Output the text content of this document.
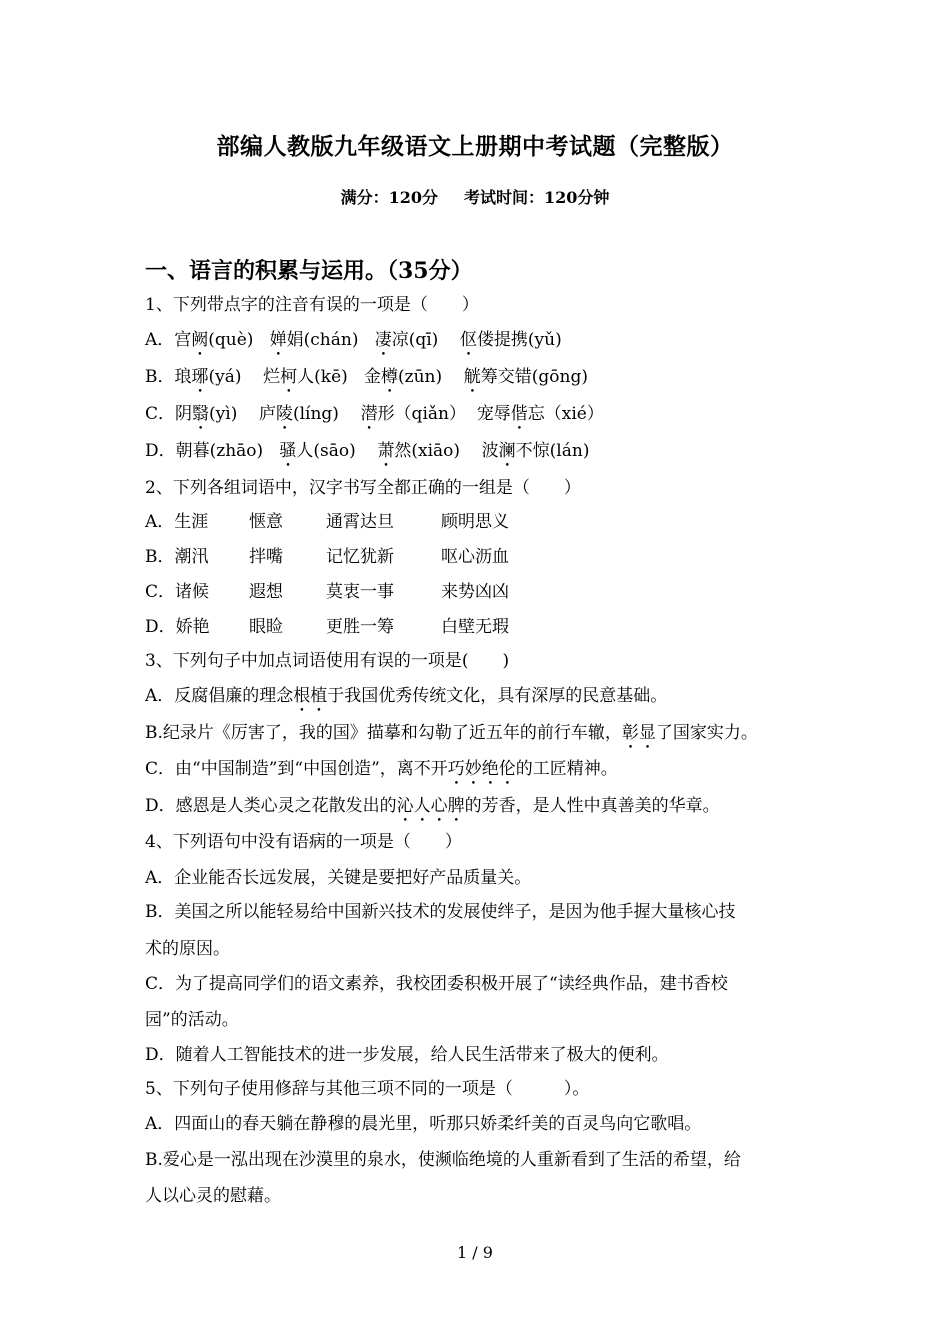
部编人教版九年级语文上册期中考试题（完整版）
满分：120分 考试时间：120分钟
一、语言的积累与运用。（35分）
1、下列带点字的注音有误的一项是（　　）
A．宫阙(què) 婵娟(chán) 凄凉(qī) 伛偻提携(yǔ)
B．琅琊(yá) 烂柯人(kē) 金樽(zūn) 觥筹交错(gōng)
C．阴翳(yì) 庐陵(líng) 潜形（qiǎn） 宠辱偕忘（xié）
D．朝暮(zhāo) 骚人(sāo) 萧然(xiāo) 波澜不惊(lán)
2、下列各组词语中，汉字书写全都正确的一组是（　　）
A．生涯 惬意	通霄达旦	顾明思义
B．潮汛 拌嘴	记忆犹新	呕心沥血
C．诸候 遐想	莫衷一事	来势凶凶
D．娇艳 眼睑	更胜一筹	白壁无瑕
3、下列句子中加点词语使用有误的一项是(　　)
A．反腐倡廉的理念根植于我国优秀传统文化，具有深厚的民意基础。
B.纪录片《厉害了，我的国》描摹和勾勒了近五年的前行车辙，彰显了国家实力。
C．由“中国制造”到“中国创造”，离不开巧妙绝伦的工匠精神。
D．感恩是人类心灵之花散发出的沁人心脾的芳香，是人性中真善美的华章。
4、下列语句中没有语病的一项是（　　）
A．企业能否长远发展，关键是要把好产品质量关。
B．美国之所以能轻易给中国新兴技术的发展使绊子，是因为他手握大量核心技
术的原因。
C．为了提高同学们的语文素养，我校团委积极开展了“读经典作品，建书香校
园”的活动。
D．随着人工智能技术的进一步发展，给人民生活带来了极大的便利。
5、下列句子使用修辞与其他三项不同的一项是（　　　）。
A．四面山的春天躺在静穆的晨光里，听那只娇柔纤美的百灵鸟向它歌唱。
B.爱心是一泓出现在沙漠里的泉水，使濒临绝境的人重新看到了生活的希望，给
人以心灵的慰藉。
1 / 9
